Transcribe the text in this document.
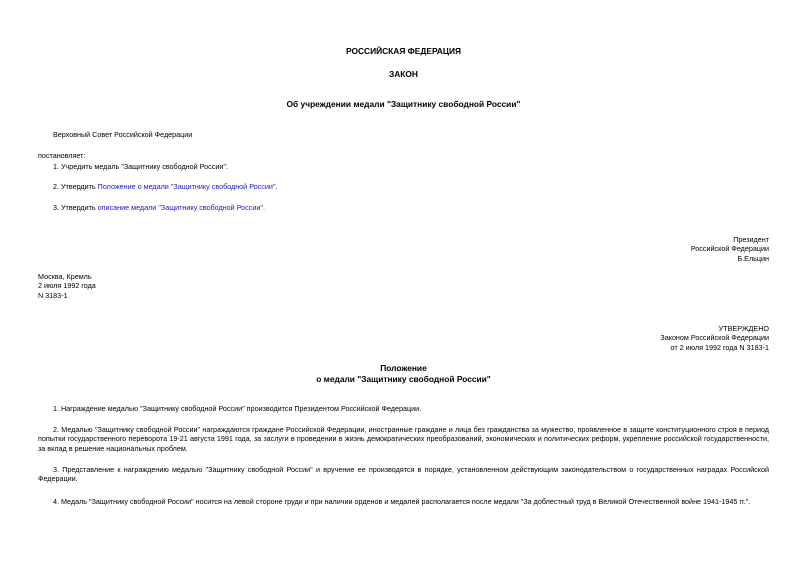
РОССИЙСКАЯ ФЕДЕРАЦИЯ
ЗАКОН
Об учреждении медали "Защитнику свободной России"
Верховный Совет Российской Федерации
постановляет:
1. Учредить медаль "Защитнику свободной России".
2. Утвердить Положение о медали "Защитнику свободной России".
3. Утвердить описание медали "Защитнику свободной России".
Президент
Российской Федерации
Б.Ельцин
Москва, Кремль
2 июля 1992 года
N 3183-1
УТВЕРЖДЕНО
Законом Российской Федерации
от 2 июля 1992 года N 3183-1
Положение
о медали "Защитнику свободной России"
1. Награждение медалью "Защитнику свободной России" производится Президентом Российской Федерации.
2. Медалью "Защитнику свободной России" награждаются граждане Российской Федерации, иностранные граждане и лица без гражданства за мужество, проявленное в защите конституционного строя в период попытки государственного переворота 19-21 августа 1991 года, за заслуги в проведении в жизнь демократических преобразований, экономических и политических реформ, укрепление российской государственности, за вклад в решение национальных проблем.
3. Представление к награждению медалью "Защитнику свободной России" и вручение ее производятся в порядке, установленном действующим законодательством о государственных наградах Российской Федерации.
4. Медаль "Защитнику свободной России" носится на левой стороне груди и при наличии орденов и медалей располагается после медали "За доблестный труд в Великой Отечественной войне 1941-1945 гг.".
